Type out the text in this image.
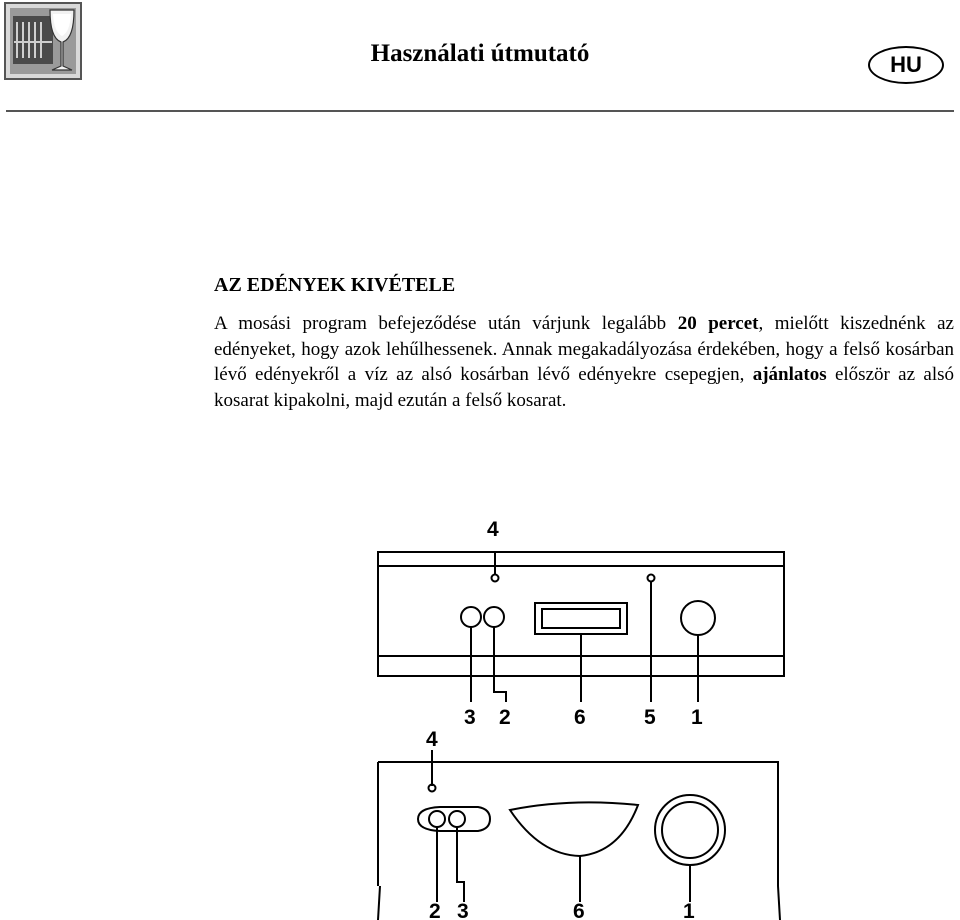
Használati útmutató	HU
AZ EDÉNYEK KIVÉTELE

A mosási program befejeződése után várjunk legalább 20 percet, mielőtt kiszednénk az edényeket, hogy azok lehűlhessenek. Annak megakadályozása érdekében, hogy a felső kosárban lévő edényekről a víz az alsó kosárban lévő edényekre csepegjen, ajánlatos először az alsó kosarat kipakolni, majd ezután a felső kosarat.

4
3 2	6	5 1
4
2 3	6	1
